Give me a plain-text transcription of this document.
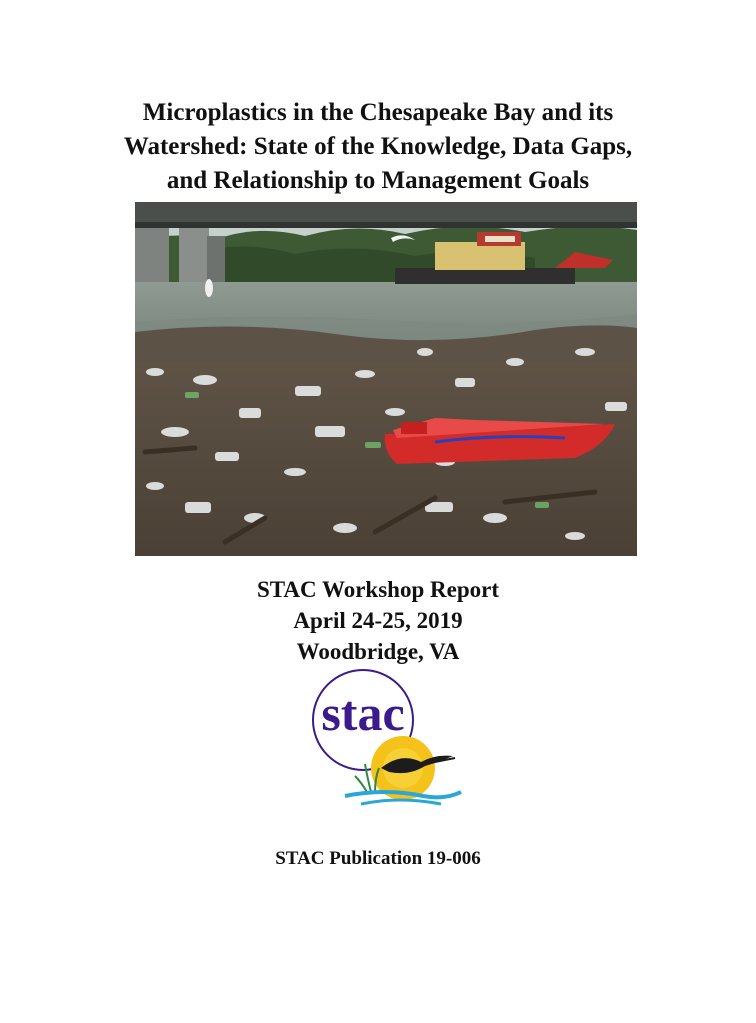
Microplastics in the Chesapeake Bay and its
Watershed: State of the Knowledge, Data Gaps,
and Relationship to Management Goals
STAC Workshop Report
April 24-25, 2019
Woodbridge, VA
stac
STAC Publication 19-006
